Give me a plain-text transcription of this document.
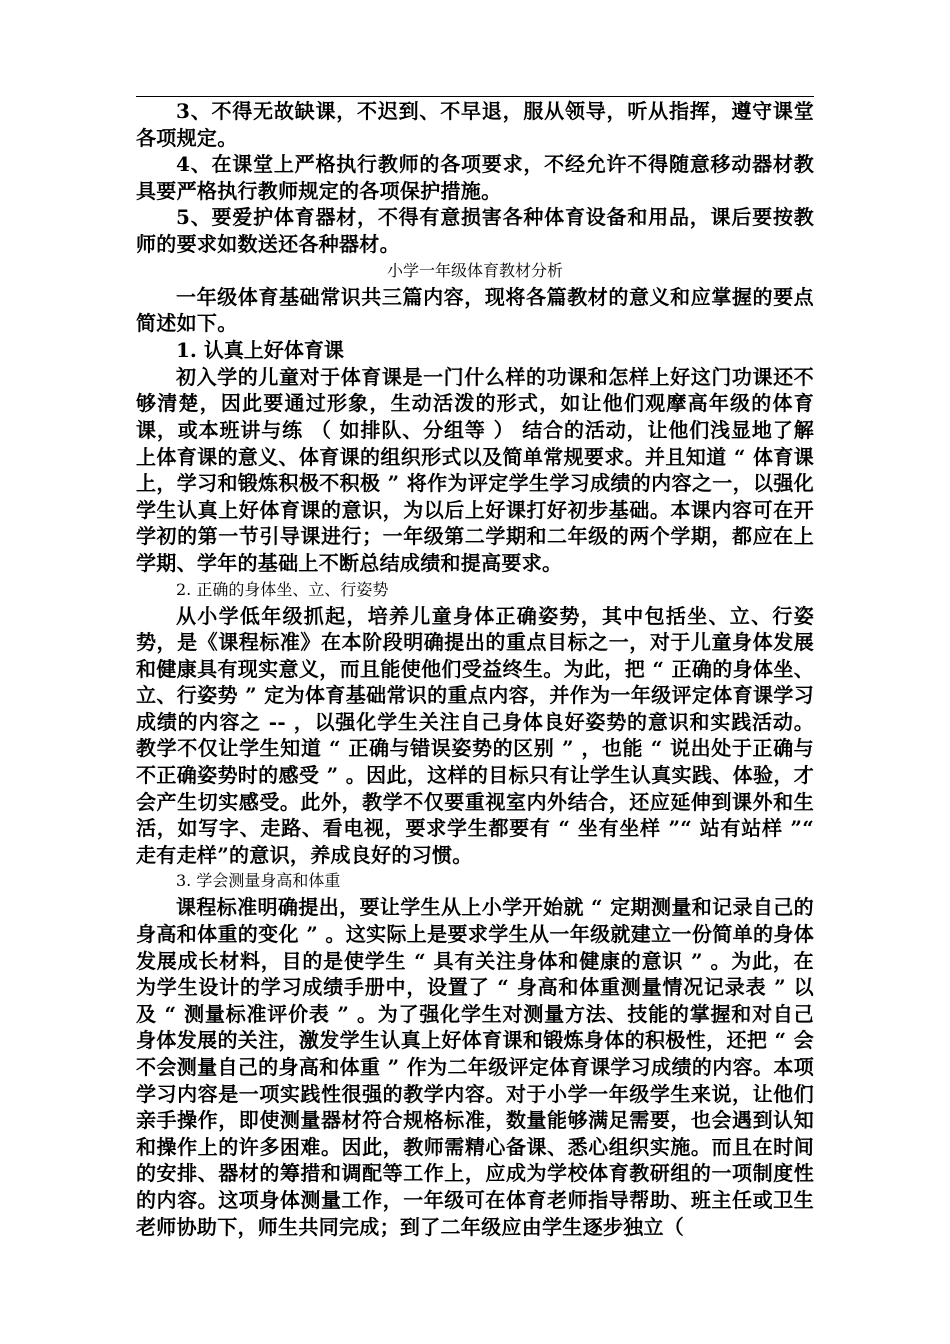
3、不得无故缺课，不迟到、不早退，服从领导，听从指挥，遵守课堂各项规定。

4、在课堂上严格执行教师的各项要求，不经允许不得随意移动器材教具要严格执行教师规定的各项保护措施。

5、要爱护体育器材，不得有意损害各种体育设备和用品，课后要按教师的要求如数送还各种器材。

小学一年级体育教材分析

一年级体育基础常识共三篇内容，现将各篇教材的意义和应掌握的要点简述如下。

1. 认真上好体育课

初入学的儿童对于体育课是一门什么样的功课和怎样上好这门功课还不够清楚，因此要通过形象，生动活泼的形式，如让他们观摩高年级的体育课，或本班讲与练 （ 如排队、分组等 ） 结合的活动，让他们浅显地了解上体育课的意义、体育课的组织形式以及简单常规要求。并且知道 “ 体育课上，学习和锻炼积极不积极 ” 将作为评定学生学习成绩的内容之一，以强化学生认真上好体育课的意识，为以后上好课打好初步基础。本课内容可在开学初的第一节引导课进行；一年级第二学期和二年级的两个学期，都应在上学期、学年的基础上不断总结成绩和提高要求。

2. 正确的身体坐、立、行姿势

从小学低年级抓起，培养儿童身体正确姿势，其中包括坐、立、行姿势，是《课程标准》在本阶段明确提出的重点目标之一，对于儿童身体发展和健康具有现实意义，而且能使他们受益终生。为此，把 “ 正确的身体坐、立、行姿势 ” 定为体育基础常识的重点内容，并作为一年级评定体育课学习成绩的内容之 -- ，以强化学生关注自己身体良好姿势的意识和实践活动。教学不仅让学生知道 “ 正确与错误姿势的区别 ” ，也能 “ 说出处于正确与不正确姿势时的感受 ” 。因此，这样的目标只有让学生认真实践、体验，才会产生切实感受。此外，教学不仅要重视室内外结合，还应延伸到课外和生活，如写字、走路、看电视，要求学生都要有 “ 坐有坐样 ”“ 站有站样 ”“ 走有走样”的意识，养成良好的习惯。

3. 学会测量身高和体重

课程标准明确提出，要让学生从上小学开始就 “ 定期测量和记录自己的身高和体重的变化 ” 。这实际上是要求学生从一年级就建立一份简单的身体发展成长材料，目的是使学生 “ 具有关注身体和健康的意识 ” 。为此，在为学生设计的学习成绩手册中，设置了 “ 身高和体重测量情况记录表 ” 以及 “ 测量标准评价表 ” 。为了强化学生对测量方法、技能的掌握和对自己身体发展的关注，激发学生认真上好体育课和锻炼身体的积极性，还把 “ 会不会测量自己的身高和体重 ” 作为二年级评定体育课学习成绩的内容。本项学习内容是一项实践性很强的教学内容。对于小学一年级学生来说，让他们亲手操作，即使测量器材符合规格标准，数量能够满足需要，也会遇到认知和操作上的许多困难。因此，教师需精心备课、悉心组织实施。而且在时间的安排、器材的筹措和调配等工作上，应成为学校体育教研组的一项制度性的内容。这项身体测量工作，一年级可在体育老师指导帮助、班主任或卫生老师协助下，师生共同完成；到了二年级应由学生逐步独立（
